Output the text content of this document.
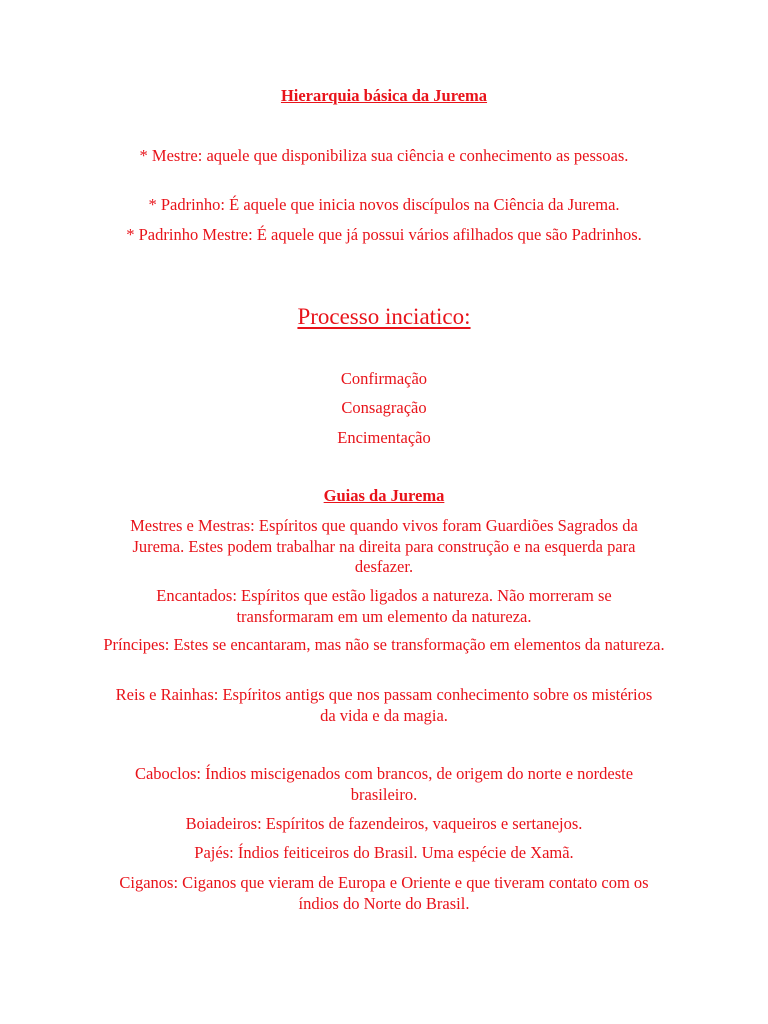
Hierarquia básica da Jurema
* Mestre: aquele que disponibiliza sua ciência e conhecimento as pessoas.
* Padrinho: É aquele que inicia novos discípulos na Ciência da Jurema.
* Padrinho Mestre: É aquele que já possui vários afilhados que são Padrinhos.
Processo inciatico:
Confirmação
Consagração
Encimentação
Guias da Jurema
Mestres e Mestras: Espíritos que quando vivos foram Guardiões Sagrados da Jurema. Estes podem trabalhar na direita para construção e na esquerda para desfazer.
Encantados: Espíritos que estão ligados a natureza. Não morreram se transformaram em um elemento da natureza.
Príncipes: Estes se encantaram, mas não se transformação em elementos da natureza.
Reis e Rainhas: Espíritos antigs que nos passam conhecimento sobre os mistérios da vida e da magia.
Caboclos: Índios miscigenados com brancos, de origem do norte e nordeste brasileiro.
Boiadeiros: Espíritos de fazendeiros, vaqueiros e sertanejos.
Pajés: Índios feiticeiros do Brasil. Uma espécie de Xamã.
Ciganos: Ciganos que vieram de Europa e Oriente e que tiveram contato com os índios do Norte do Brasil.
